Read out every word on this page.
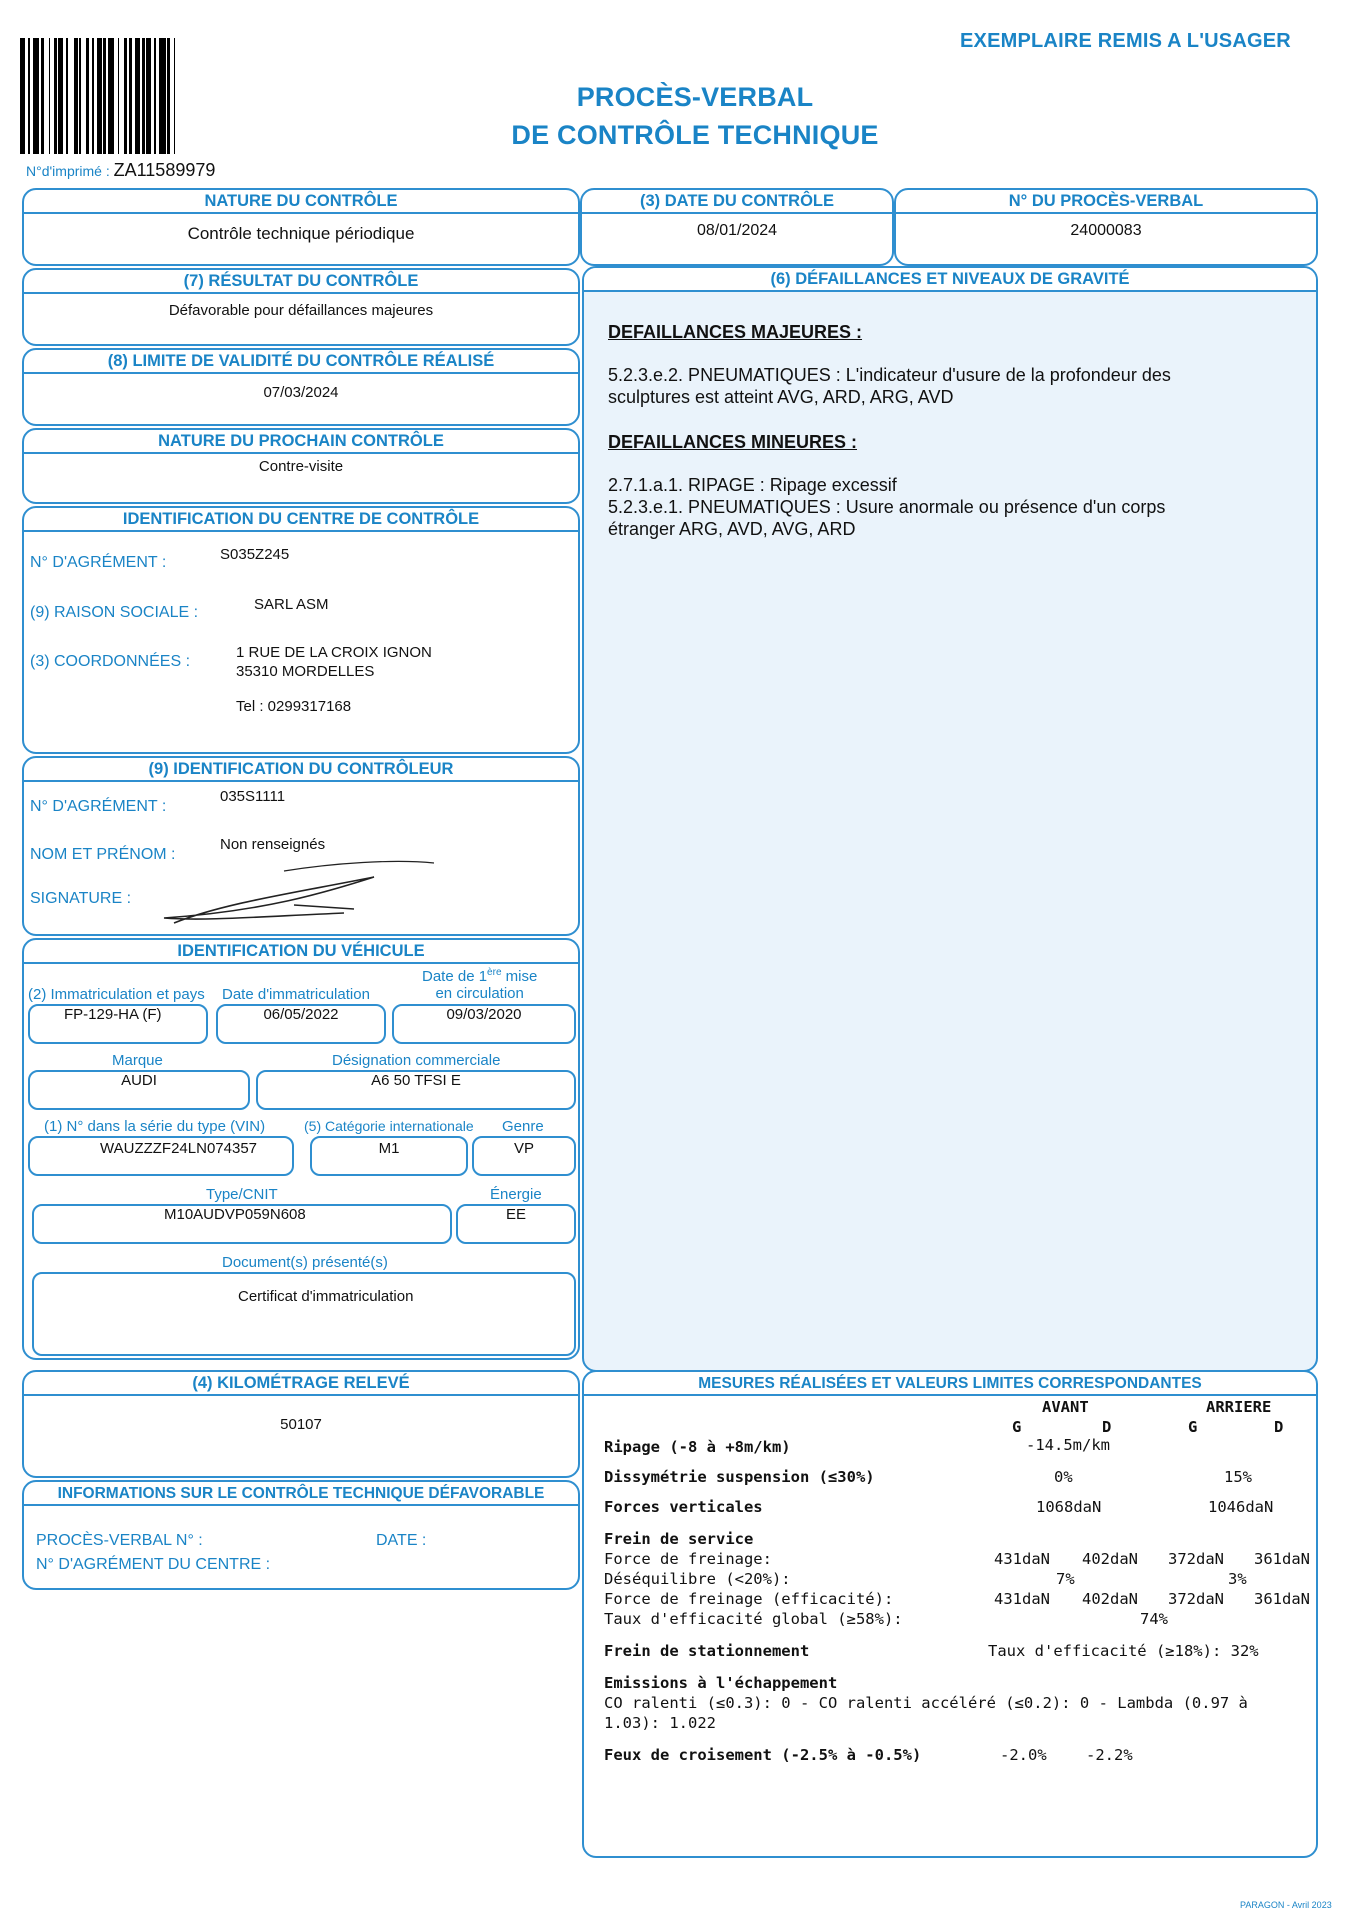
N°d'imprimé : ZA11589979
EXEMPLAIRE REMIS A L'USAGER
PROCÈS-VERBAL
DE CONTRÔLE TECHNIQUE
NATURE DU CONTRÔLE
Contrôle technique périodique
(3) DATE DU CONTRÔLE
08/01/2024
N° DU PROCÈS-VERBAL
24000083
(7) RÉSULTAT DU CONTRÔLE
Défavorable pour défaillances majeures
(8) LIMITE DE VALIDITÉ DU CONTRÔLE RÉALISÉ
07/03/2024
NATURE DU PROCHAIN CONTRÔLE
Contre-visite
IDENTIFICATION DU CENTRE DE CONTRÔLE
N° D'AGRÉMENT :	S035Z245
(9) RAISON SOCIALE :	SARL ASM
(3) COORDONNÉES :
1 RUE DE LA CROIX IGNON
35310 MORDELLES
Tel : 0299317168
(9) IDENTIFICATION DU CONTRÔLEUR
N° D'AGRÉMENT :
035S1111
NOM ET PRÉNOM :
Non renseignés
SIGNATURE :
IDENTIFICATION DU VÉHICULE
(2) Immatriculation et pays Date d'immatriculation
Date de 1ère mise
en circulation
FP-129-HA (F)	06/05/2022	09/03/2020
Marque	Désignation commerciale
AUDI	A6 50 TFSI E
(1) N° dans la série du type (VIN)	(5) Catégorie internationale Genre
WAUZZZF24LN074357	M1	VP
Type/CNIT	Énergie
M10AUDVP059N608	EE
Document(s) présenté(s)
Certificat d'immatriculation
(4) KILOMÉTRAGE RELEVÉ
50107
INFORMATIONS SUR LE CONTRÔLE TECHNIQUE DÉFAVORABLE
PROCÈS-VERBAL N° :	DATE :
N° D'AGRÉMENT DU CENTRE :
(6) DÉFAILLANCES ET NIVEAUX DE GRAVITÉ
DEFAILLANCES MAJEURES :
5.2.3.e.2. PNEUMATIQUES : L'indicateur d'usure de la profondeur des
sculptures est atteint AVG, ARD, ARG, AVD
DEFAILLANCES MINEURES :
2.7.1.a.1. RIPAGE : Ripage excessif
5.2.3.e.1. PNEUMATIQUES : Usure anormale ou présence d'un corps
étranger ARG, AVD, AVG, ARD
MESURES RÉALISÉES ET VALEURS LIMITES CORRESPONDANTES
AVANT	ARRIERE
G	D	G	D
Ripage (-8 à +8m/km)	-14.5m/km
Dissymétrie suspension (≤30%)	0%	15%
Forces verticales	1068daN	1046daN
Frein de service
Force de freinage:	431daN 402daN 372daN 361daN
Déséquilibre (<20%):	7%	3%
Force de freinage (efficacité):	431daN 402daN 372daN 361daN
Taux d'efficacité global (≥58%):	74%
Frein de stationnement	Taux d'efficacité (≥18%): 32%
Emissions à l'échappement
CO ralenti (≤0.3): 0 - CO ralenti accéléré (≤0.2): 0 - Lambda (0.97 à
1.03): 1.022
Feux de croisement (-2.5% à -0.5%)	-2.0%	-2.2%
PARAGON - Avril 2023
